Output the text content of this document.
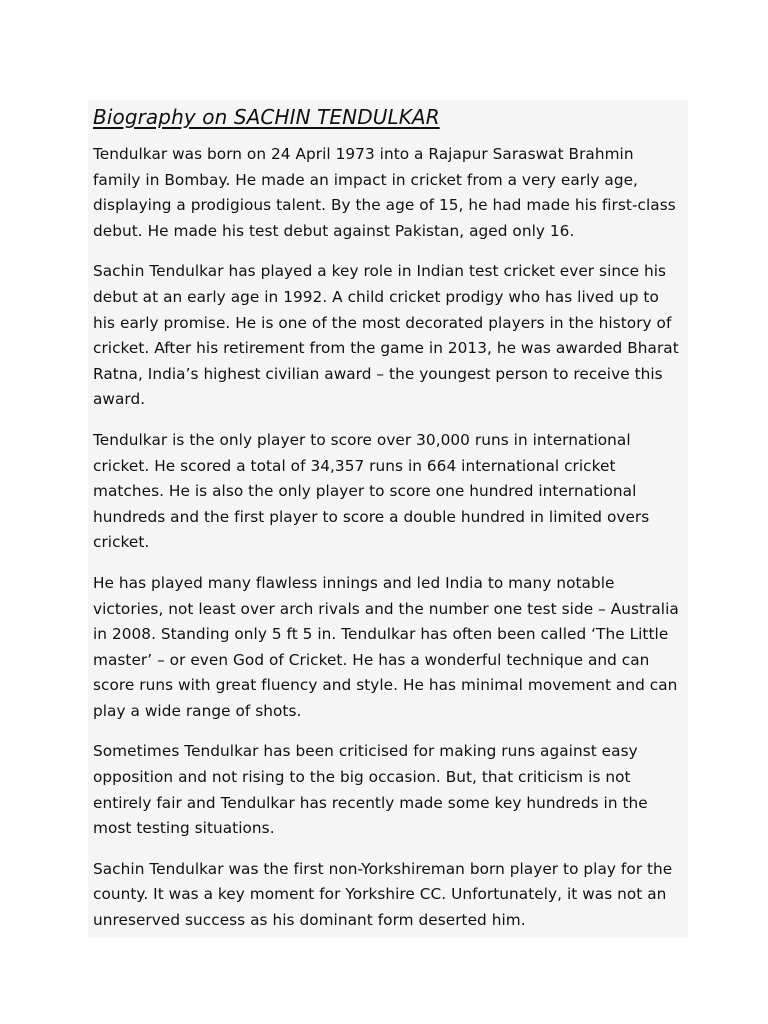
Biography on SACHIN TENDULKAR

Tendulkar was born on 24 April 1973 into a Rajapur Saraswat Brahmin family in Bombay. He made an impact in cricket from a very early age, displaying a prodigious talent. By the age of 15, he had made his first-class debut. He made his test debut against Pakistan, aged only 16.

Sachin Tendulkar has played a key role in Indian test cricket ever since his debut at an early age in 1992. A child cricket prodigy who has lived up to his early promise. He is one of the most decorated players in the history of cricket. After his retirement from the game in 2013, he was awarded Bharat Ratna, India’s highest civilian award – the youngest person to receive this award.

Tendulkar is the only player to score over 30,000 runs in international cricket. He scored a total of 34,357 runs in 664 international cricket matches. He is also the only player to score one hundred international hundreds and the first player to score a double hundred in limited overs cricket.

He has played many flawless innings and led India to many notable victories, not least over arch rivals and the number one test side – Australia in 2008. Standing only 5 ft 5 in. Tendulkar has often been called ‘The Little master’ – or even God of Cricket. He has a wonderful technique and can score runs with great fluency and style. He has minimal movement and can play a wide range of shots.

Sometimes Tendulkar has been criticised for making runs against easy opposition and not rising to the big occasion. But, that criticism is not entirely fair and Tendulkar has recently made some key hundreds in the most testing situations.

Sachin Tendulkar was the first non-Yorkshireman born player to play for the county. It was a key moment for Yorkshire CC. Unfortunately, it was not an unreserved success as his dominant form deserted him.
